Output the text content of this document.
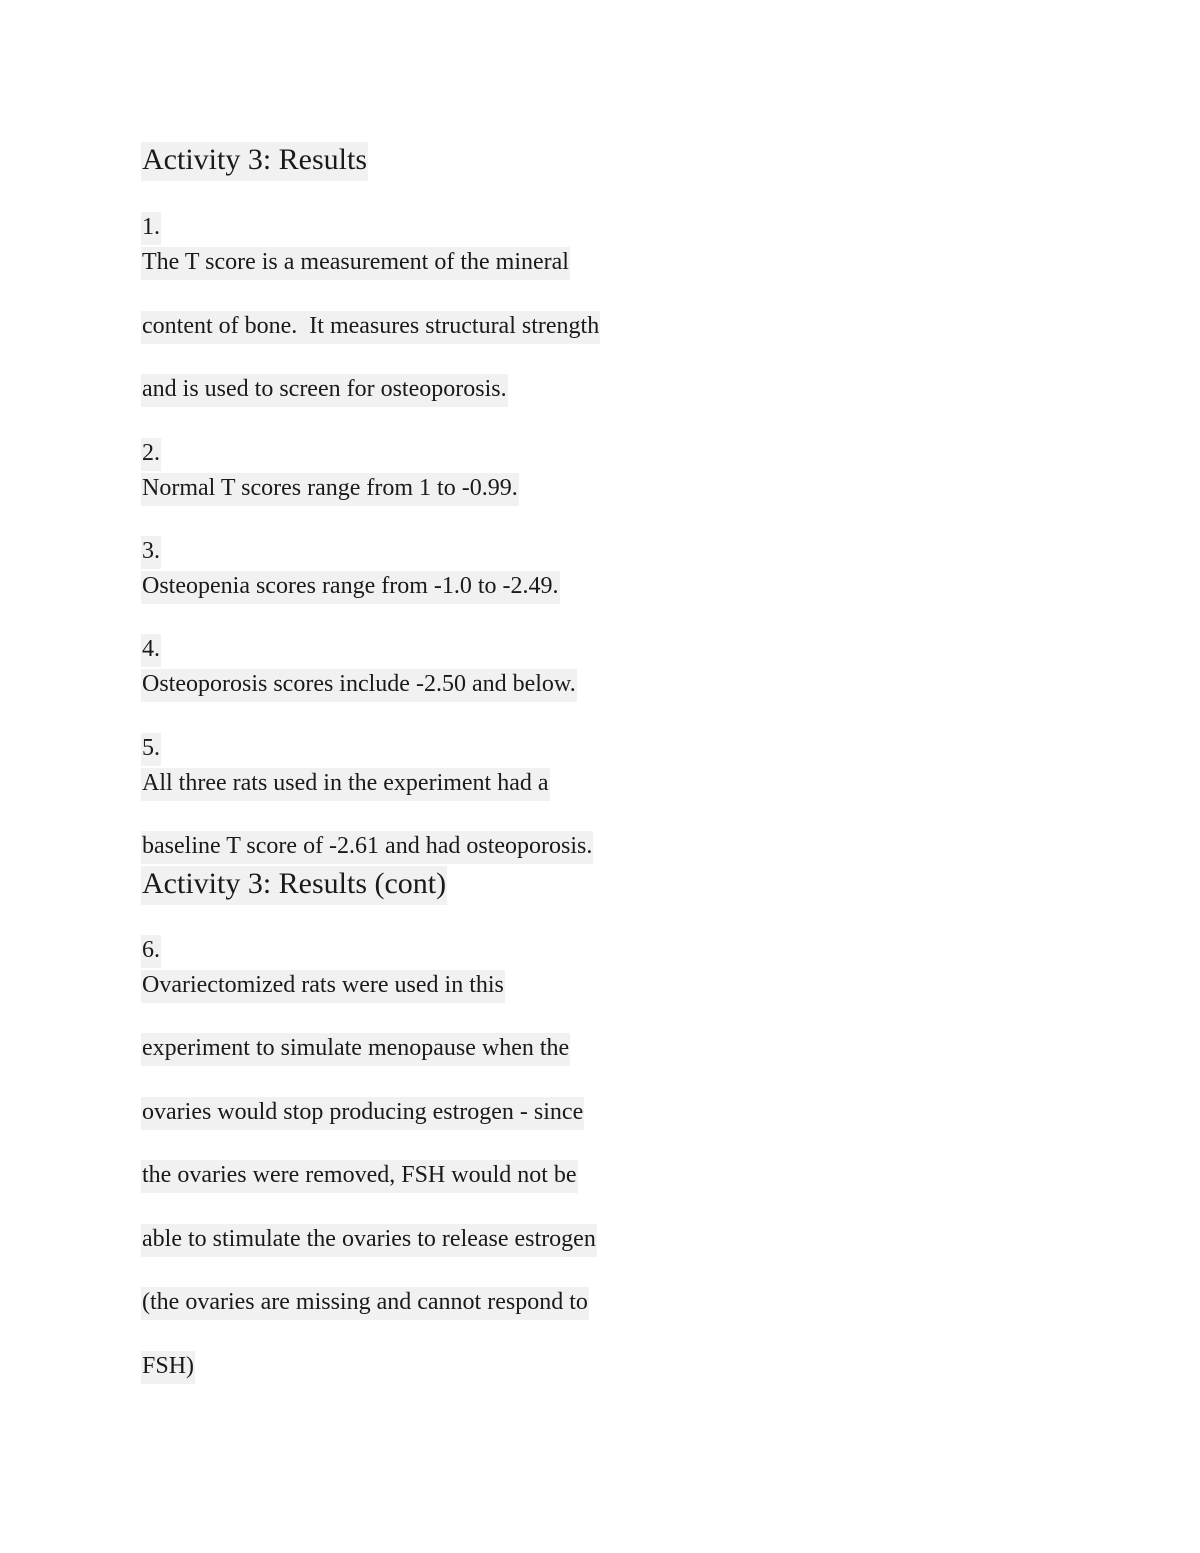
Activity 3: Results
1.
The T score is a measurement of the mineral
content of bone.  It measures structural strength
and is used to screen for osteoporosis.
2.
Normal T scores range from 1 to -0.99.
3.
Osteopenia scores range from -1.0 to -2.49.
4.
Osteoporosis scores include -2.50 and below.
5.
All three rats used in the experiment had a
baseline T score of -2.61 and had osteoporosis.
Activity 3: Results (cont)
6.
Ovariectomized rats were used in this
experiment to simulate menopause when the
ovaries would stop producing estrogen - since
the ovaries were removed, FSH would not be
able to stimulate the ovaries to release estrogen
(the ovaries are missing and cannot respond to
FSH)
